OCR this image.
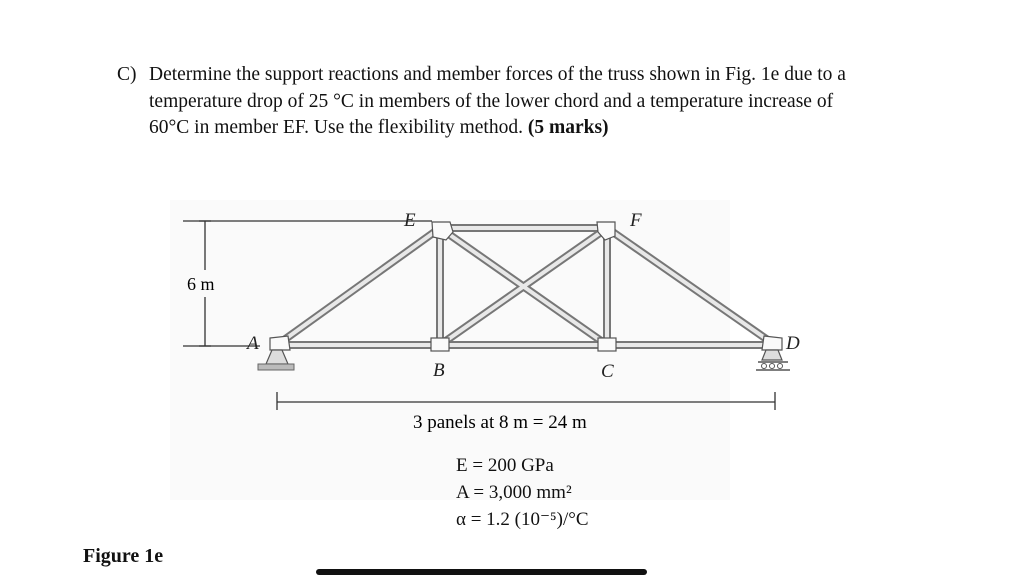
C) Determine the support reactions and member forces of the truss shown in Fig. 1e due to a temperature drop of 25 °C in members of the lower chord and a temperature increase of 60°C in member EF. Use the flexibility method. (5 marks)
6 m
A
B	C
D
E	F
3 panels at 8 m = 24 m
E = 200 GPa
A = 3,000 mm²
α = 1.2 (10⁻⁵)/°C
Figure 1e
